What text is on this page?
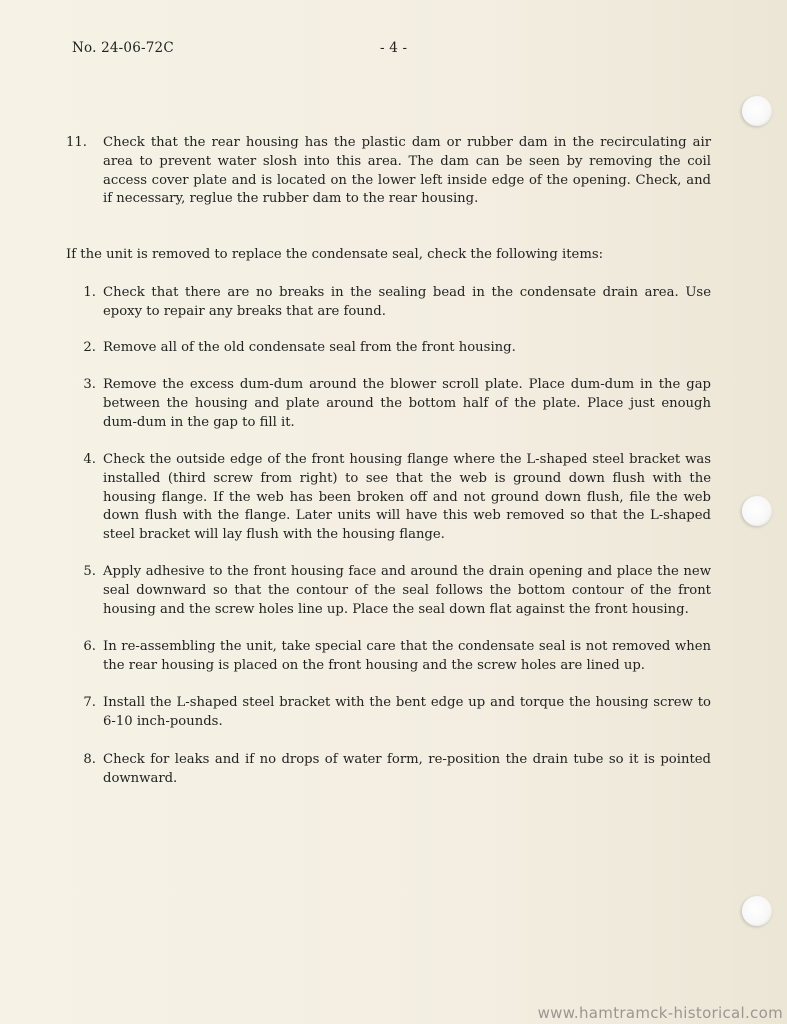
No. 24-06-72C	- 4 -
11.	Check that the rear housing has the plastic dam or rubber dam in the recirculating air area to prevent water slosh into this area. The dam can be seen by removing the coil access cover plate and is located on the lower left inside edge of the opening. Check, and if necessary, reglue the rubber dam to the rear housing.
If the unit is removed to replace the condensate seal, check the following items:
1. Check that there are no breaks in the sealing bead in the condensate drain area. Use epoxy to repair any breaks that are found.
2. Remove all of the old condensate seal from the front housing.
3. Remove the excess dum-dum around the blower scroll plate. Place dum-dum in the gap between the housing and plate around the bottom half of the plate. Place just enough dum-dum in the gap to fill it.
4. Check the outside edge of the front housing flange where the L-shaped steel bracket was installed (third screw from right) to see that the web is ground down flush with the housing flange. If the web has been broken off and not ground down flush, file the web down flush with the flange. Later units will have this web removed so that the L-shaped steel bracket will lay flush with the housing flange.
5. Apply adhesive to the front housing face and around the drain opening and place the new seal downward so that the contour of the seal follows the bottom contour of the front housing and the screw holes line up. Place the seal down flat against the front housing.
6. In re-assembling the unit, take special care that the condensate seal is not removed when the rear housing is placed on the front housing and the screw holes are lined up.
7. Install the L-shaped steel bracket with the bent edge up and torque the housing screw to 6-10 inch-pounds.
8. Check for leaks and if no drops of water form, re-position the drain tube so it is pointed downward.
www.hamtramck-historical.com
